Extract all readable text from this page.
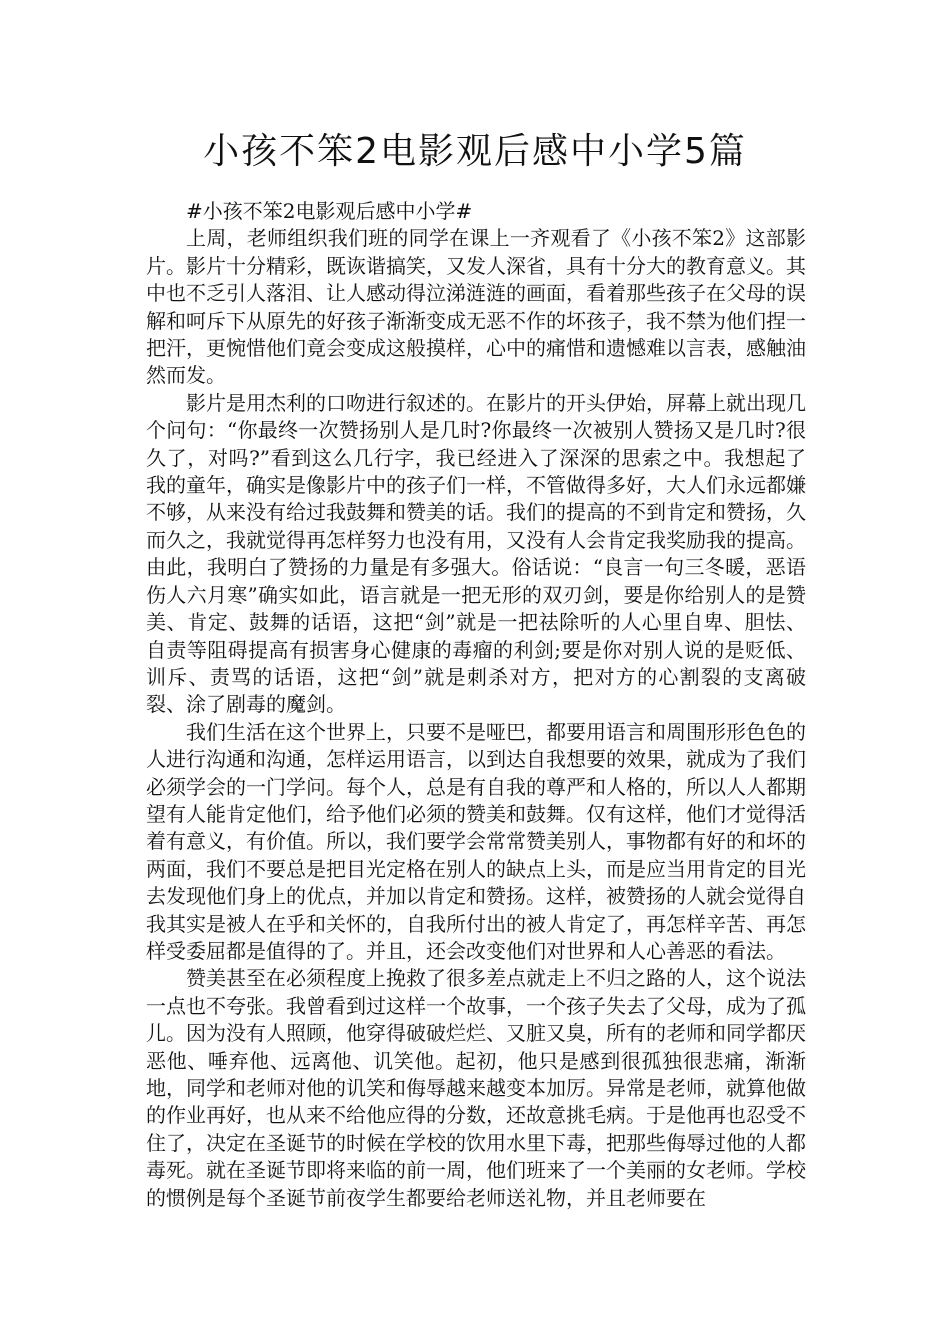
小孩不笨2电影观后感中小学5篇

#小孩不笨2电影观后感中小学#

上周，老师组织我们班的同学在课上一齐观看了《小孩不笨2》这部影片。影片十分精彩，既诙谐搞笑，又发人深省，具有十分大的教育意义。其中也不乏引人落泪、让人感动得泣涕涟涟的画面，看着那些孩子在父母的误解和呵斥下从原先的好孩子渐渐变成无恶不作的坏孩子，我不禁为他们捏一把汗，更惋惜他们竟会变成这般摸样，心中的痛惜和遗憾难以言表，感触油然而发。

影片是用杰利的口吻进行叙述的。在影片的开头伊始，屏幕上就出现几个问句：“你最终一次赞扬别人是几时?你最终一次被别人赞扬又是几时?很久了，对吗?”看到这么几行字，我已经进入了深深的思索之中。我想起了我的童年，确实是像影片中的孩子们一样，不管做得多好，大人们永远都嫌不够，从来没有给过我鼓舞和赞美的话。我们的提高的不到肯定和赞扬，久而久之，我就觉得再怎样努力也没有用，又没有人会肯定我奖励我的提高。由此，我明白了赞扬的力量是有多强大。俗话说：“良言一句三冬暖，恶语伤人六月寒”确实如此，语言就是一把无形的双刃剑，要是你给别人的是赞美、肯定、鼓舞的话语，这把“剑”就是一把祛除听的人心里自卑、胆怯、自责等阻碍提高有损害身心健康的毒瘤的利剑;要是你对别人说的是贬低、训斥、责骂的话语，这把“剑”就是刺杀对方，把对方的心割裂的支离破裂、涂了剧毒的魔剑。

我们生活在这个世界上，只要不是哑巴，都要用语言和周围形形色色的人进行沟通和沟通，怎样运用语言，以到达自我想要的效果，就成为了我们必须学会的一门学问。每个人，总是有自我的尊严和人格的，所以人人都期望有人能肯定他们，给予他们必须的赞美和鼓舞。仅有这样，他们才觉得活着有意义，有价值。所以，我们要学会常常赞美别人，事物都有好的和坏的两面，我们不要总是把目光定格在别人的缺点上头，而是应当用肯定的目光去发现他们身上的优点，并加以肯定和赞扬。这样，被赞扬的人就会觉得自我其实是被人在乎和关怀的，自我所付出的被人肯定了，再怎样辛苦、再怎样受委屈都是值得的了。并且，还会改变他们对世界和人心善恶的看法。

赞美甚至在必须程度上挽救了很多差点就走上不归之路的人，这个说法一点也不夸张。我曾看到过这样一个故事，一个孩子失去了父母，成为了孤儿。因为没有人照顾，他穿得破破烂烂、又脏又臭，所有的老师和同学都厌恶他、唾弃他、远离他、讥笑他。起初，他只是感到很孤独很悲痛，渐渐地，同学和老师对他的讥笑和侮辱越来越变本加厉。异常是老师，就算他做的作业再好，也从来不给他应得的分数，还故意挑毛病。于是他再也忍受不住了，决定在圣诞节的时候在学校的饮用水里下毒，把那些侮辱过他的人都毒死。就在圣诞节即将来临的前一周，他们班来了一个美丽的女老师。学校的惯例是每个圣诞节前夜学生都要给老师送礼物，并且老师要在
